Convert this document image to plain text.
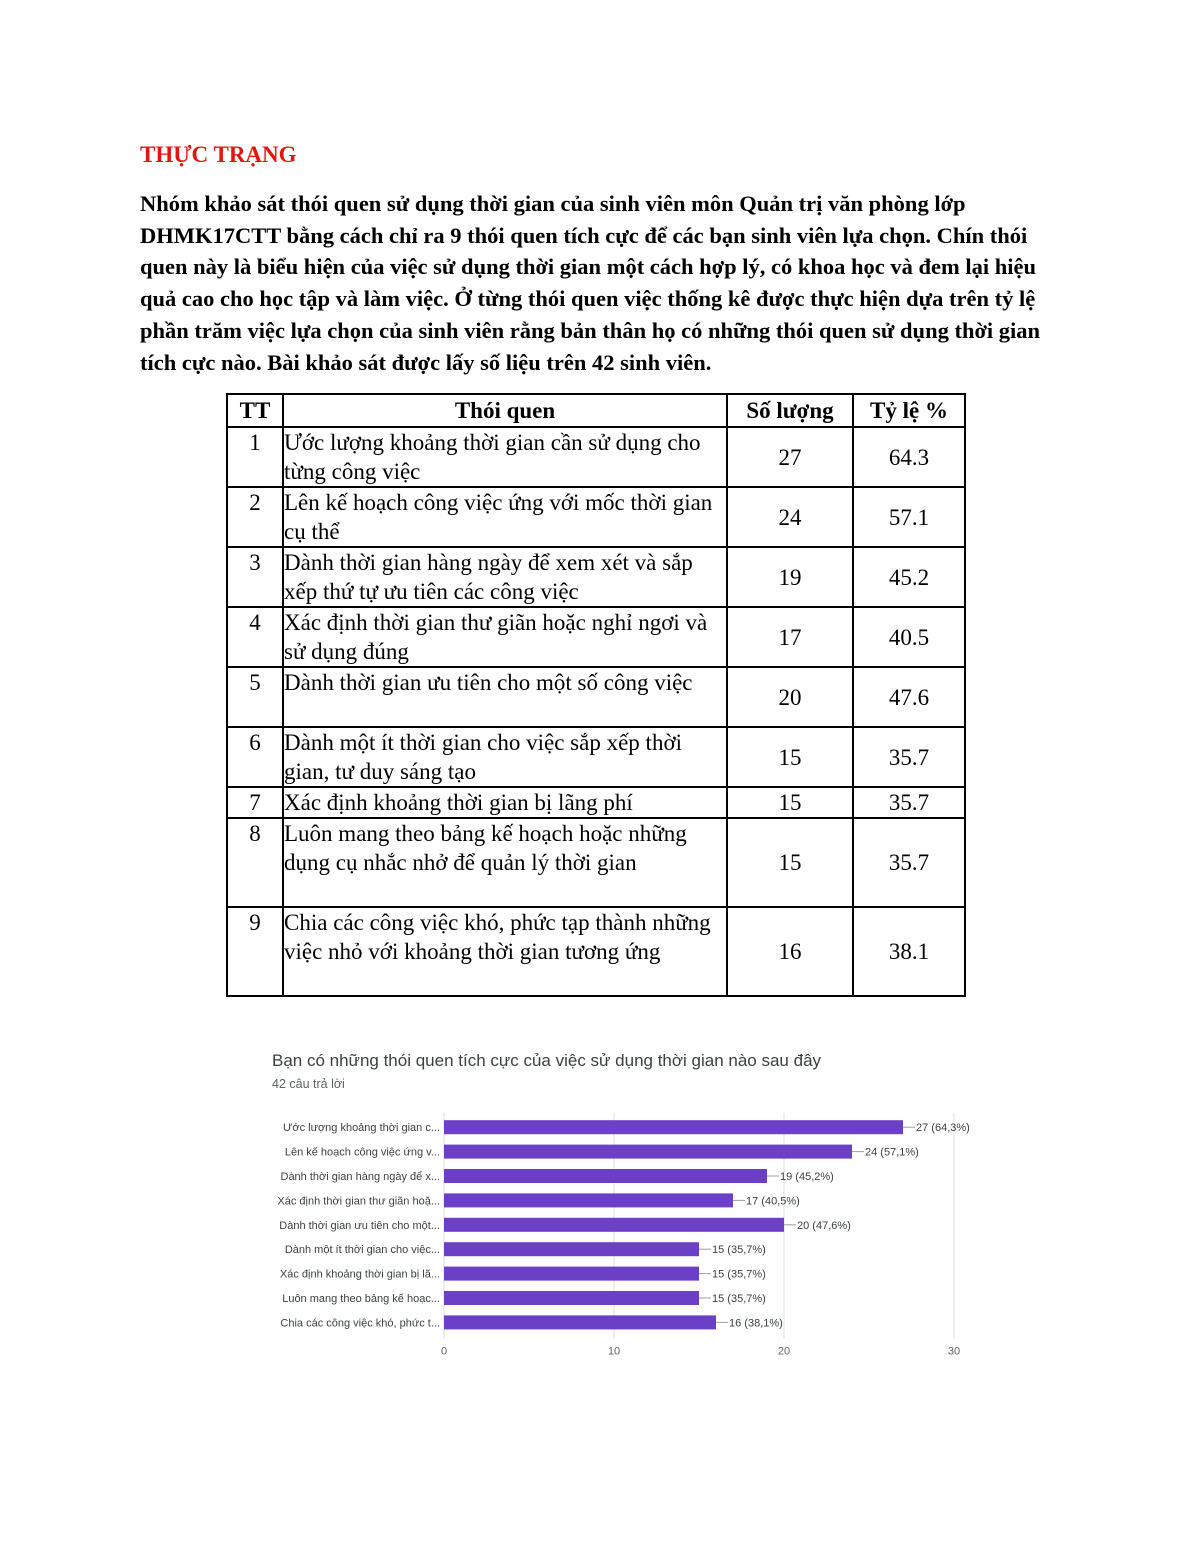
THỰC TRẠNG

Nhóm khảo sát thói quen sử dụng thời gian của sinh viên môn Quản trị văn phòng lớp DHMK17CTT bằng cách chỉ ra 9 thói quen tích cực để các bạn sinh viên lựa chọn. Chín thói quen này là biểu hiện của việc sử dụng thời gian một cách hợp lý, có khoa học và đem lại hiệu quả cao cho học tập và làm việc. Ở từng thói quen việc thống kê được thực hiện dựa trên tỷ lệ phần trăm việc lựa chọn của sinh viên rằng bản thân họ có những thói quen sử dụng thời gian tích cực nào. Bài khảo sát được lấy số liệu trên 42 sinh viên.

TT	Thói quen	Số lượng	Tỷ lệ %
1	Ước lượng khoảng thời gian cần sử dụng cho từng công việc	27	64.3
2	Lên kế hoạch công việc ứng với mốc thời gian cụ thể	24	57.1
3	Dành thời gian hàng ngày để xem xét và sắp xếp thứ tự ưu tiên các công việc	19	45.2
4	Xác định thời gian thư giãn hoặc nghỉ ngơi và sử dụng đúng	17	40.5
5	Dành thời gian ưu tiên cho một số công việc	20	47.6
6	Dành một ít thời gian cho việc sắp xếp thời gian, tư duy sáng tạo	15	35.7
7	Xác định khoảng thời gian bị lãng phí	15	35.7
8	Luôn mang theo bảng kế hoạch hoặc những dụng cụ nhắc nhở để quản lý thời gian	15	35.7
9	Chia các công việc khó, phức tạp thành những việc nhỏ với khoảng thời gian tương ứng	16	38.1
Bạn có những thói quen tích cực của việc sử dụng thời gian nào sau đây
42 câu trả lời
0	10	20	30
Ước lượng khoảng thời gian c...	27 (64,3%)
Lên kế hoạch công việc ứng v...	24 (57,1%)
Dành thời gian hàng ngày để x...	19 (45,2%)
Xác định thời gian thư giãn hoặ...	17 (40,5%)
Dành thời gian ưu tiên cho một...	20 (47,6%)
Dành một ít thời gian cho việc...	15 (35,7%)
Xác định khoảng thời gian bị lã...	15 (35,7%)
Luôn mang theo bảng kế hoạc...	15 (35,7%)
Chia các công việc khó, phức t...	16 (38,1%)
